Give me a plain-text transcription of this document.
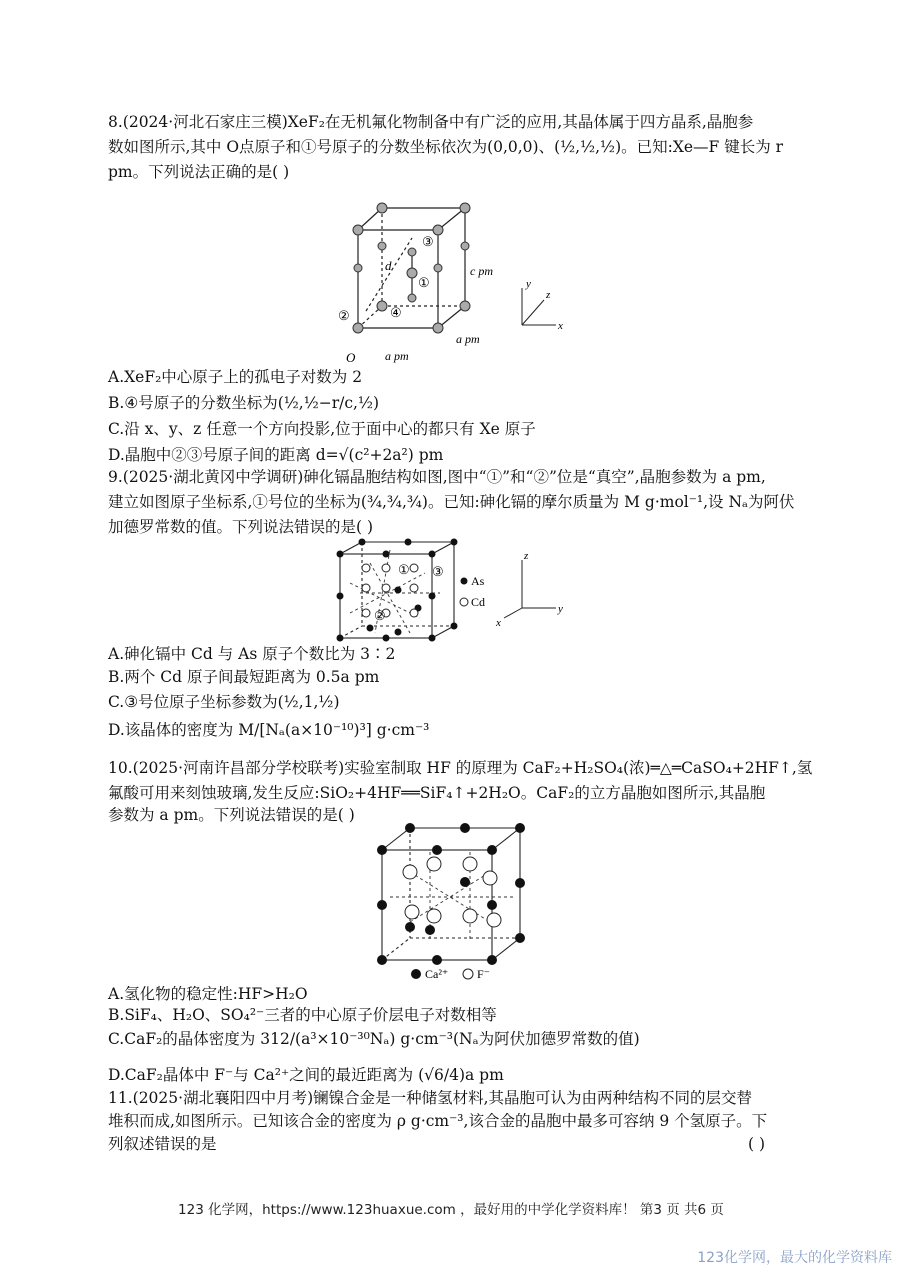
8.(2024·河北石家庄三模)XeF₂在无机氟化物制备中有广泛的应用,其晶体属于四方晶系,晶胞参
数如图所示,其中 O点原子和①号原子的分数坐标依次为(0,0,0)、(½,½,½)。已知:Xe—F 键长为 r
pm。下列说法正确的是( )
③
①
④
②
d	c pm
a pm
a pm
O
x
y
z
A.XeF₂中心原子上的孤电子对数为 2
B.④号原子的分数坐标为(½,½−r/c,½)
C.沿 x、y、z 任意一个方向投影,位于面中心的都只有 Xe 原子
D.晶胞中②③号原子间的距离 d=√(c²+2a²) pm
9.(2025·湖北黄冈中学调研)砷化镉晶胞结构如图,图中“①”和“②”位是“真空”,晶胞参数为 a pm,
建立如图原子坐标系,①号位的坐标为(¾,¾,¾)。已知:砷化镉的摩尔质量为 M g·mol⁻¹,设 Nₐ为阿伏
加德罗常数的值。下列说法错误的是( )
① ③
②
As
Cd	y
z
x
A.砷化镉中 Cd 与 As 原子个数比为 3∶2
B.两个 Cd 原子间最短距离为 0.5a pm
C.③号位原子坐标参数为(½,1,½)
D.该晶体的密度为 M/[Nₐ(a×10⁻¹⁰)³] g·cm⁻³
10.(2025·河南许昌部分学校联考)实验室制取 HF 的原理为 CaF₂+H₂SO₄(浓)═△═CaSO₄+2HF↑,氢
氟酸可用来刻蚀玻璃,发生反应:SiO₂+4HF══SiF₄↑+2H₂O。CaF₂的立方晶胞如图所示,其晶胞
参数为 a pm。下列说法错误的是( )
Ca²⁺ F⁻
A.氢化物的稳定性:HF>H₂O
B.SiF₄、H₂O、SO₄²⁻三者的中心原子价层电子对数相等
C.CaF₂的晶体密度为 312/(a³×10⁻³⁰Nₐ) g·cm⁻³(Nₐ为阿伏加德罗常数的值)
D.CaF₂晶体中 F⁻与 Ca²⁺之间的最近距离为 (√6/4)a pm
11.(2025·湖北襄阳四中月考)镧镍合金是一种储氢材料,其晶胞可认为由两种结构不同的层交替
堆积而成,如图所示。已知该合金的密度为 ρ g·cm⁻³,该合金的晶胞中最多可容纳 9 个氢原子。下
列叙述错误的是	( )
123 化学网，https://www.123huaxue.com ，最好用的中学化学资料库！ 第3 页 共6 页
123化学网，最大的化学资料库
